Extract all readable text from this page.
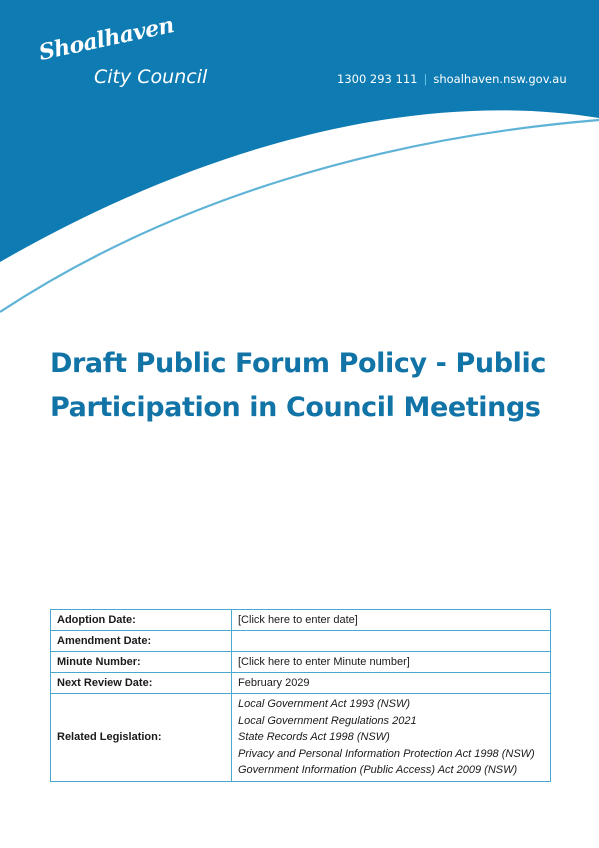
Shoalhaven
City Council	1300 293 111 | shoalhaven.nsw.gov.au
Draft Public Forum Policy - Public Participation in Council Meetings
Adoption Date:	[Click here to enter date]
Amendment Date:	
Minute Number:	[Click here to enter Minute number]
Next Review Date:	February 2029
Related Legislation:	Local Government Act 1993 (NSW)
Local Government Regulations 2021
State Records Act 1998 (NSW)
Privacy and Personal Information Protection Act 1998 (NSW)
Government Information (Public Access) Act 2009 (NSW)
